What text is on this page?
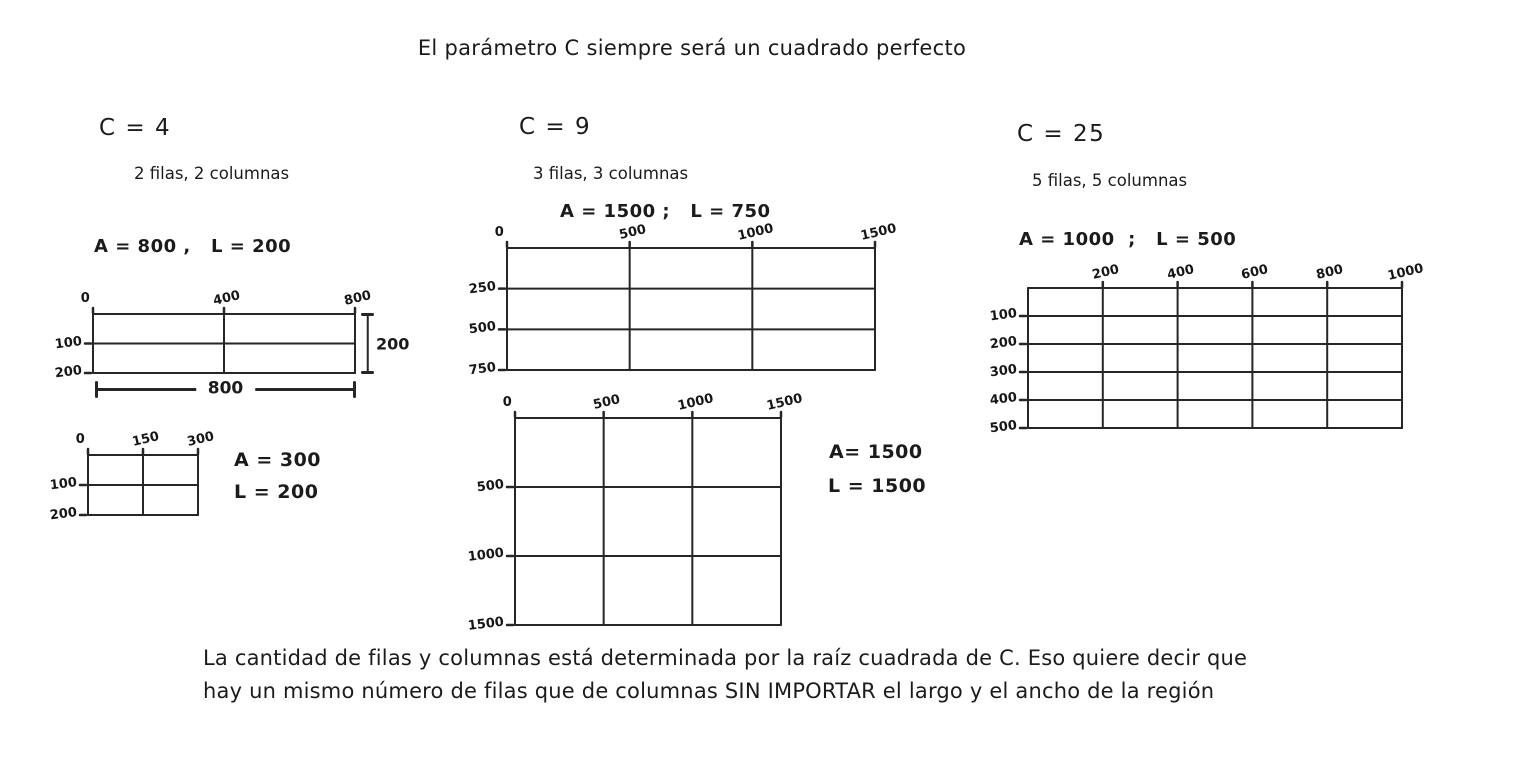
El parámetro C siempre será un cuadrado perfecto
C = 4
2 filas, 2 columnas
A = 800 ,   L = 200
0	400	800
100
200
800
200
0	150 300
100
200
A = 300
L = 200
C = 9
3 filas, 3 columnas
A = 1500 ;   L = 750
0	500	1000	1500
250
500
750
0	500	1000	1500
500
1000
1500
A= 1500
L = 1500
C = 25
5 filas, 5 columnas
A = 1000  ;   L = 500
200	400	600	800	1000
100
200
300
400
500
La cantidad de filas y columnas está determinada por la raíz cuadrada de C. Eso quiere decir que
hay un mismo número de filas que de columnas SIN IMPORTAR el largo y el ancho de la región
